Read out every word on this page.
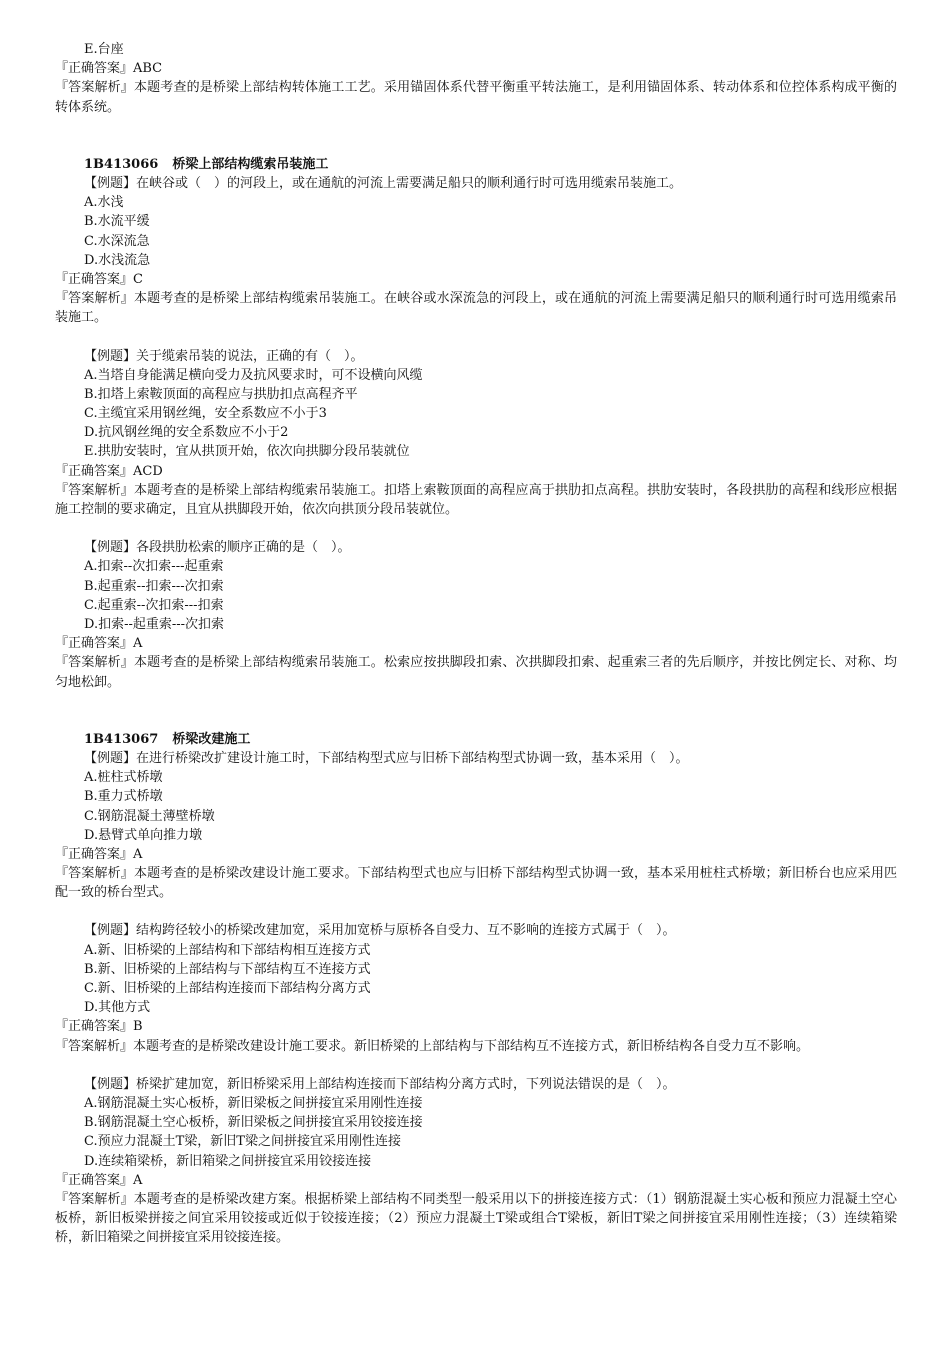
E.台座
『正确答案』ABC
『答案解析』本题考查的是桥梁上部结构转体施工工艺。采用锚固体系代替平衡重平转法施工，是利用锚固体系、转动体系和位控体系构成平衡的转体系统。
1B413066 桥梁上部结构缆索吊装施工
【例题】在峡谷或（　）的河段上，或在通航的河流上需要满足船只的顺利通行时可选用缆索吊装施工。
A.水浅
B.水流平缓
C.水深流急
D.水浅流急
『正确答案』C
『答案解析』本题考查的是桥梁上部结构缆索吊装施工。在峡谷或水深流急的河段上，或在通航的河流上需要满足船只的顺利通行时可选用缆索吊装施工。
【例题】关于缆索吊装的说法，正确的有（　）。
A.当塔自身能满足横向受力及抗风要求时，可不设横向风缆
B.扣塔上索鞍顶面的高程应与拱肋扣点高程齐平
C.主缆宜采用钢丝绳，安全系数应不小于3
D.抗风钢丝绳的安全系数应不小于2
E.拱肋安装时，宜从拱顶开始，依次向拱脚分段吊装就位
『正确答案』ACD
『答案解析』本题考查的是桥梁上部结构缆索吊装施工。扣塔上索鞍顶面的高程应高于拱肋扣点高程。拱肋安装时，各段拱肋的高程和线形应根据施工控制的要求确定，且宜从拱脚段开始，依次向拱顶分段吊装就位。
【例题】各段拱肋松索的顺序正确的是（　）。
A.扣索--次扣索---起重索
B.起重索--扣索---次扣索
C.起重索--次扣索---扣索
D.扣索--起重索---次扣索
『正确答案』A
『答案解析』本题考查的是桥梁上部结构缆索吊装施工。松索应按拱脚段扣索、次拱脚段扣索、起重索三者的先后顺序，并按比例定长、对称、均匀地松卸。
1B413067 桥梁改建施工
【例题】在进行桥梁改扩建设计施工时，下部结构型式应与旧桥下部结构型式协调一致，基本采用（　）。
A.桩柱式桥墩
B.重力式桥墩
C.钢筋混凝土薄壁桥墩
D.悬臂式单向推力墩
『正确答案』A
『答案解析』本题考查的是桥梁改建设计施工要求。下部结构型式也应与旧桥下部结构型式协调一致，基本采用桩柱式桥墩；新旧桥台也应采用匹配一致的桥台型式。
【例题】结构跨径较小的桥梁改建加宽，采用加宽桥与原桥各自受力、互不影响的连接方式属于（　）。
A.新、旧桥梁的上部结构和下部结构相互连接方式
B.新、旧桥梁的上部结构与下部结构互不连接方式
C.新、旧桥梁的上部结构连接而下部结构分离方式
D.其他方式
『正确答案』B
『答案解析』本题考查的是桥梁改建设计施工要求。新旧桥梁的上部结构与下部结构互不连接方式，新旧桥结构各自受力互不影响。
【例题】桥梁扩建加宽，新旧桥梁采用上部结构连接而下部结构分离方式时，下列说法错误的是（　）。
A.钢筋混凝土实心板桥，新旧梁板之间拼接宜采用刚性连接
B.钢筋混凝土空心板桥，新旧梁板之间拼接宜采用铰接连接
C.预应力混凝土T梁，新旧T梁之间拼接宜采用刚性连接
D.连续箱梁桥，新旧箱梁之间拼接宜采用铰接连接
『正确答案』A
『答案解析』本题考查的是桥梁改建方案。根据桥梁上部结构不同类型一般采用以下的拼接连接方式：（1）钢筋混凝土实心板和预应力混凝土空心板桥，新旧板梁拼接之间宜采用铰接或近似于铰接连接；（2）预应力混凝土T梁或组合T梁板，新旧T梁之间拼接宜采用刚性连接；（3）连续箱梁桥，新旧箱梁之间拼接宜采用铰接连接。
